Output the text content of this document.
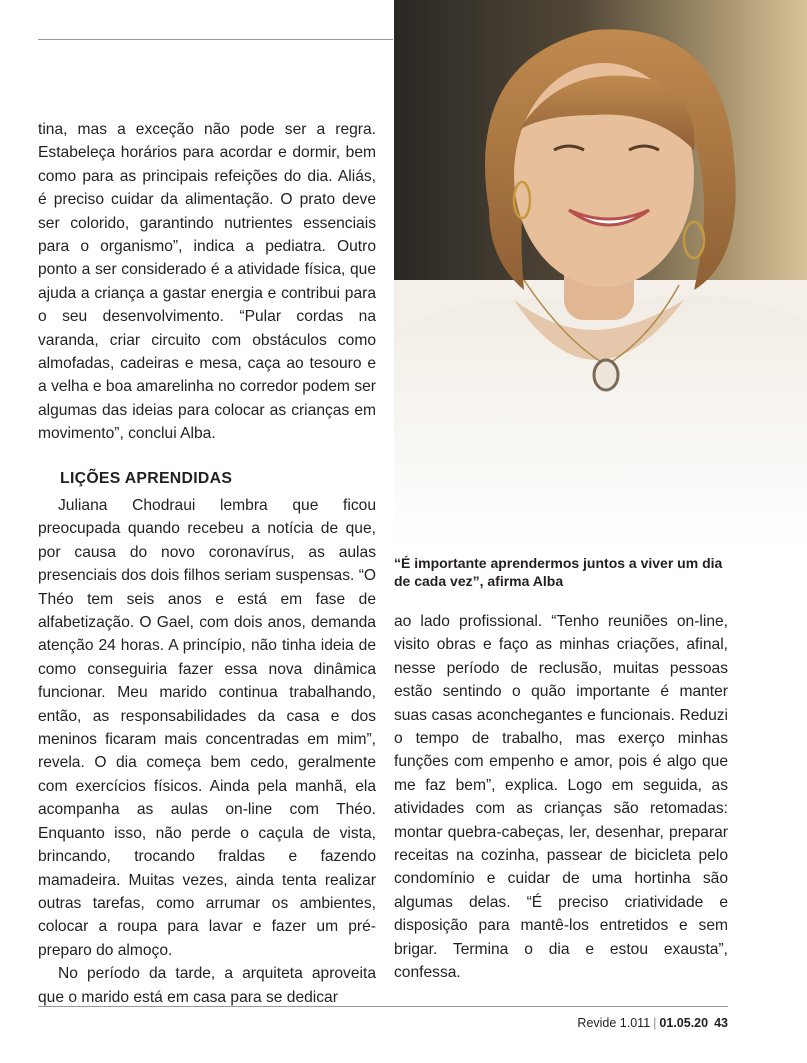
tina, mas a exceção não pode ser a regra. Estabeleça horários para acordar e dormir, bem como para as principais refeições do dia. Aliás, é preciso cuidar da alimentação. O prato deve ser colorido, garantindo nutrientes essenciais para o organismo”, indica a pediatra. Outro ponto a ser considerado é a atividade física, que ajuda a criança a gastar energia e contribui para o seu desenvolvimento. “Pular cordas na varanda, criar circuito com obstáculos como almofadas, cadeiras e mesa, caça ao tesouro e a velha e boa amarelinha no corredor podem ser algumas das ideias para colocar as crianças em movimento”, conclui Alba.

LIÇÕES APRENDIDAS

Juliana Chodraui lembra que ficou preocupada quando recebeu a notícia de que, por causa do novo coronavírus, as aulas presenciais dos dois filhos seriam suspensas. “O Théo tem seis anos e está em fase de alfabetização. O Gael, com dois anos, demanda atenção 24 horas. A princípio, não tinha ideia de como conseguiria fazer essa nova dinâmica funcionar. Meu marido continua trabalhando, então, as responsabilidades da casa e dos meninos ficaram mais concentradas em mim”, revela. O dia começa bem cedo, geralmente com exercícios físicos. Ainda pela manhã, ela acompanha as aulas on-line com Théo. Enquanto isso, não perde o caçula de vista, brincando, trocando fraldas e fazendo mamadeira. Muitas vezes, ainda tenta realizar outras tarefas, como arrumar os ambientes, colocar a roupa para lavar e fazer um pré-preparo do almoço.

No período da tarde, a arquiteta aproveita que o marido está em casa para se dedicar

“É importante aprendermos juntos a viver um dia de cada vez”, afirma Alba

ao lado profissional. “Tenho reuniões on-line, visito obras e faço as minhas criações, afinal, nesse período de reclusão, muitas pessoas estão sentindo o quão importante é manter suas casas aconchegantes e funcionais. Reduzi o tempo de trabalho, mas exerço minhas funções com empenho e amor, pois é algo que me faz bem”, explica. Logo em seguida, as atividades com as crianças são retomadas: montar quebra-cabeças, ler, desenhar, preparar receitas na cozinha, passear de bicicleta pelo condomínio e cuidar de uma hortinha são algumas delas. “É preciso criatividade e disposição para mantê-los entretidos e sem brigar. Termina o dia e estou exausta”, confessa.

Revide 1.011 | 01.05.20 43
